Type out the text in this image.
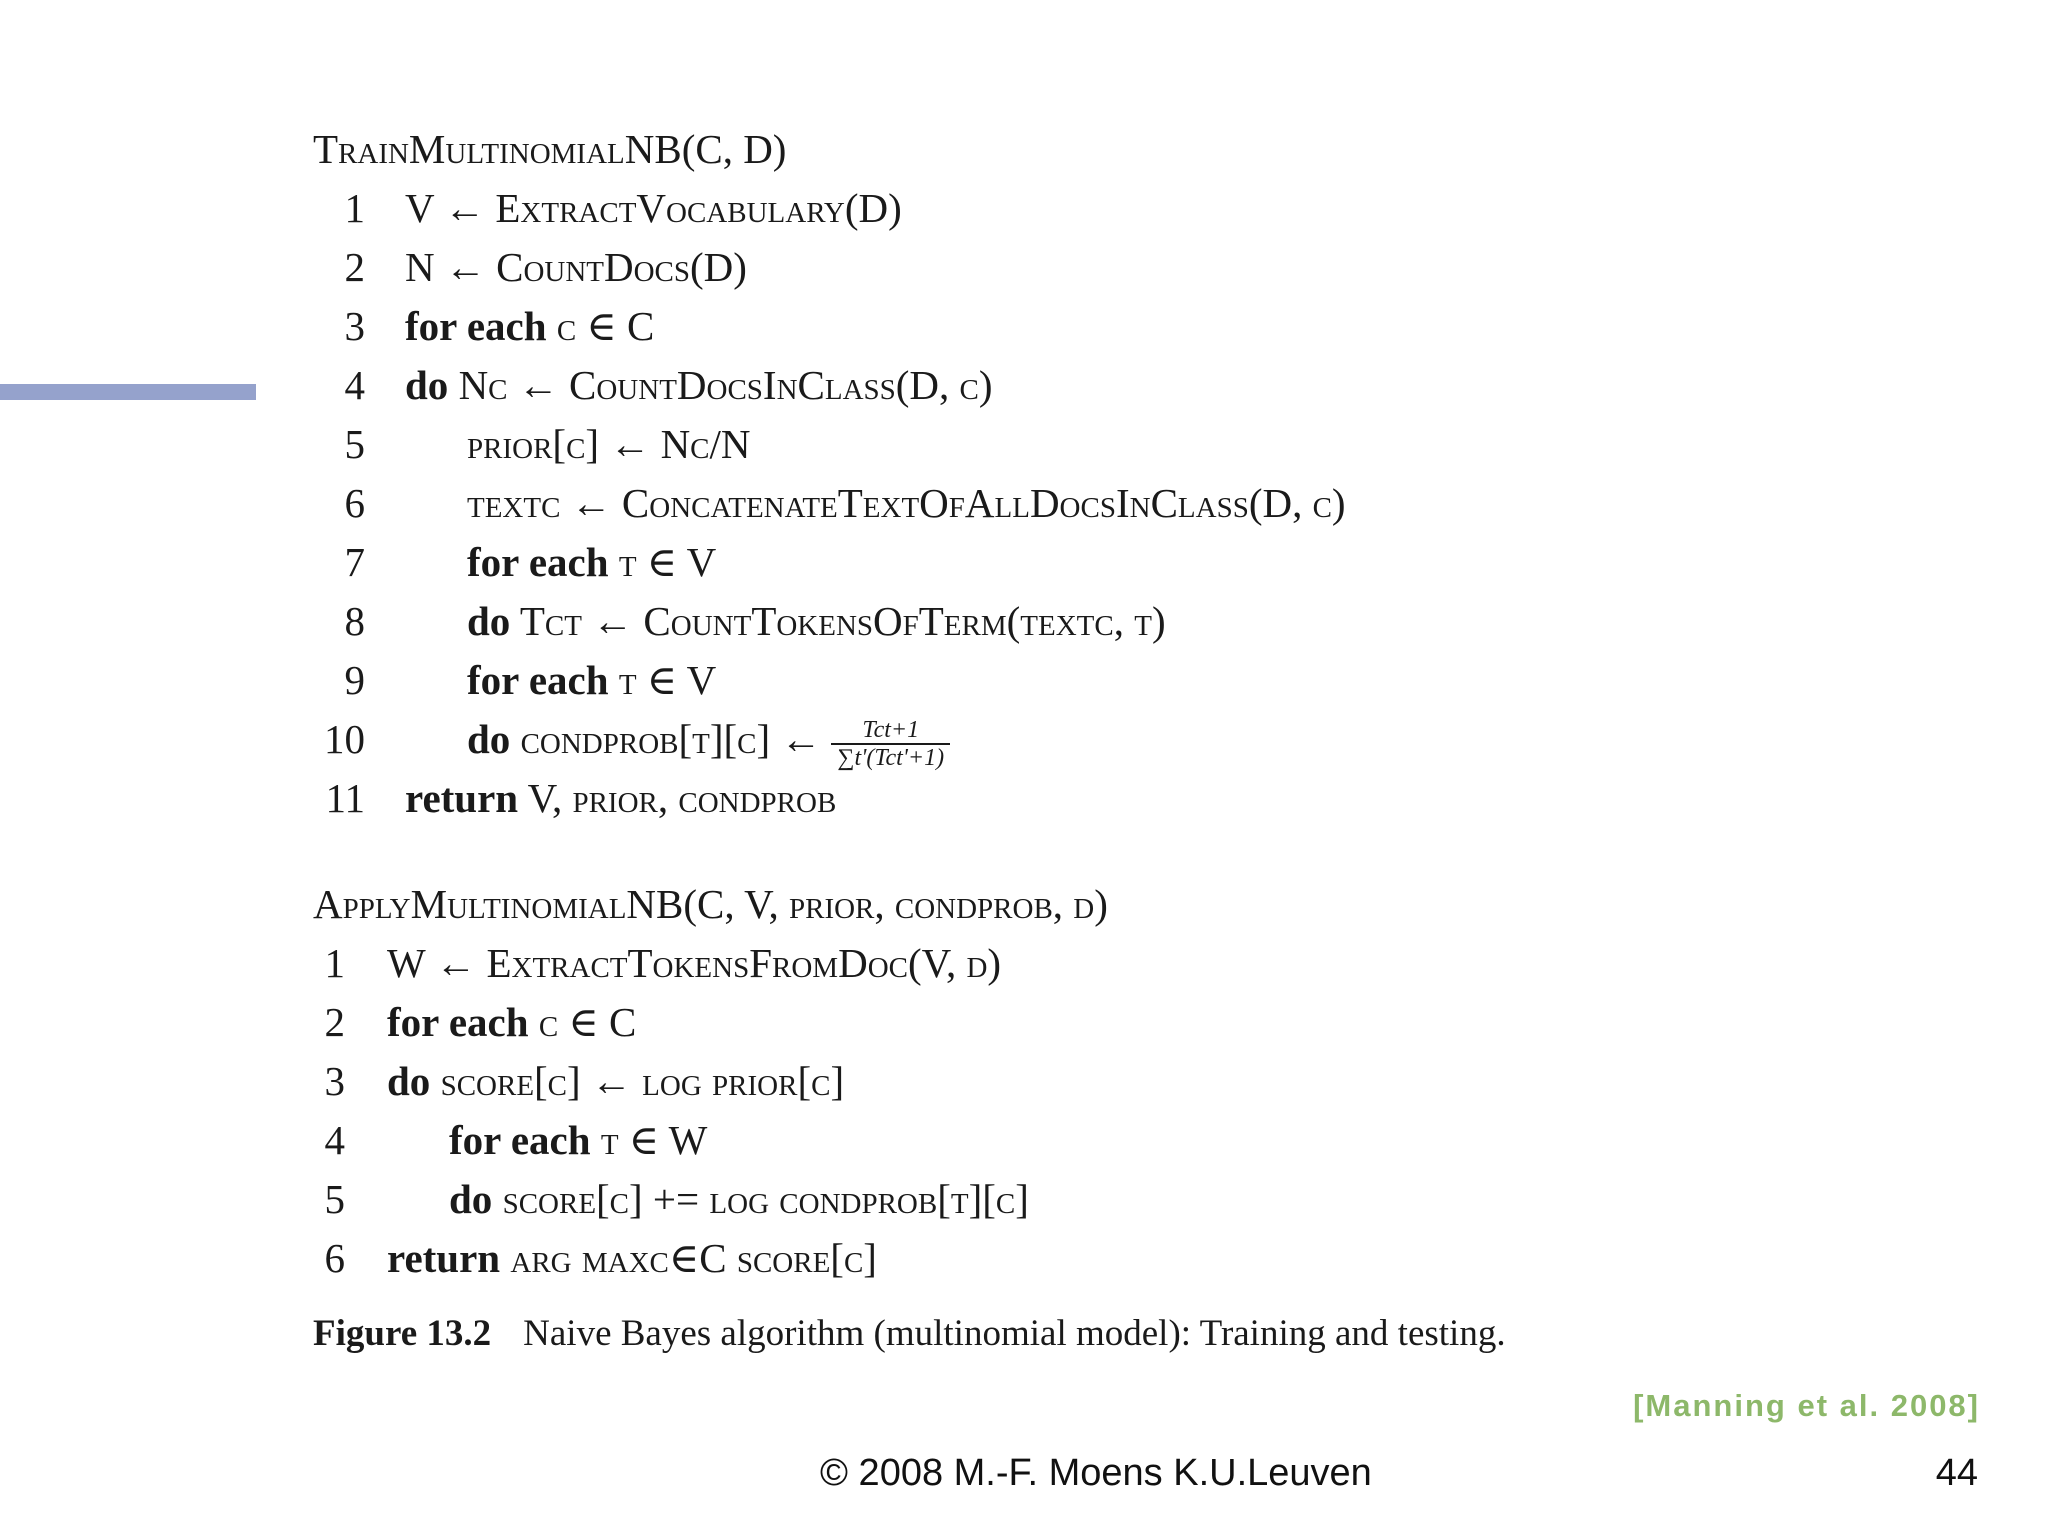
TrainMultinomialNB(C, D)
1 V ← ExtractVocabulary(D)
2 N ← CountDocs(D)
3 for each c ∈ C
4 do Nc ← CountDocsInClass(D, c)
5 prior[c] ← Nc/N
6 textc ← ConcatenateTextOfAllDocsInClass(D, c)
7 for each t ∈ V
8 do Tct ← CountTokensOfTerm(textc, t)
9 for each t ∈ V
10 do condprob[t][c] ← $\frac{\text{Tct+1}}{\text{∑t'(Tct'+1)}}$
11 return V, prior, condprob
ApplyMultinomialNB(C, V, prior, condprob, d)
1 W ← ExtractTokensFromDoc(V, d)
2 for each c ∈ C
3 do score[c] ← log prior[c]
4	for each t ∈ W
5	do score[c] += log condprob[t][c]
6 return arg maxc∈C score[c]
Figure 13.2 Naive Bayes algorithm (multinomial model): Training and testing.
[Manning et al. 2008]
© 2008 M.-F. Moens K.U.Leuven	44
